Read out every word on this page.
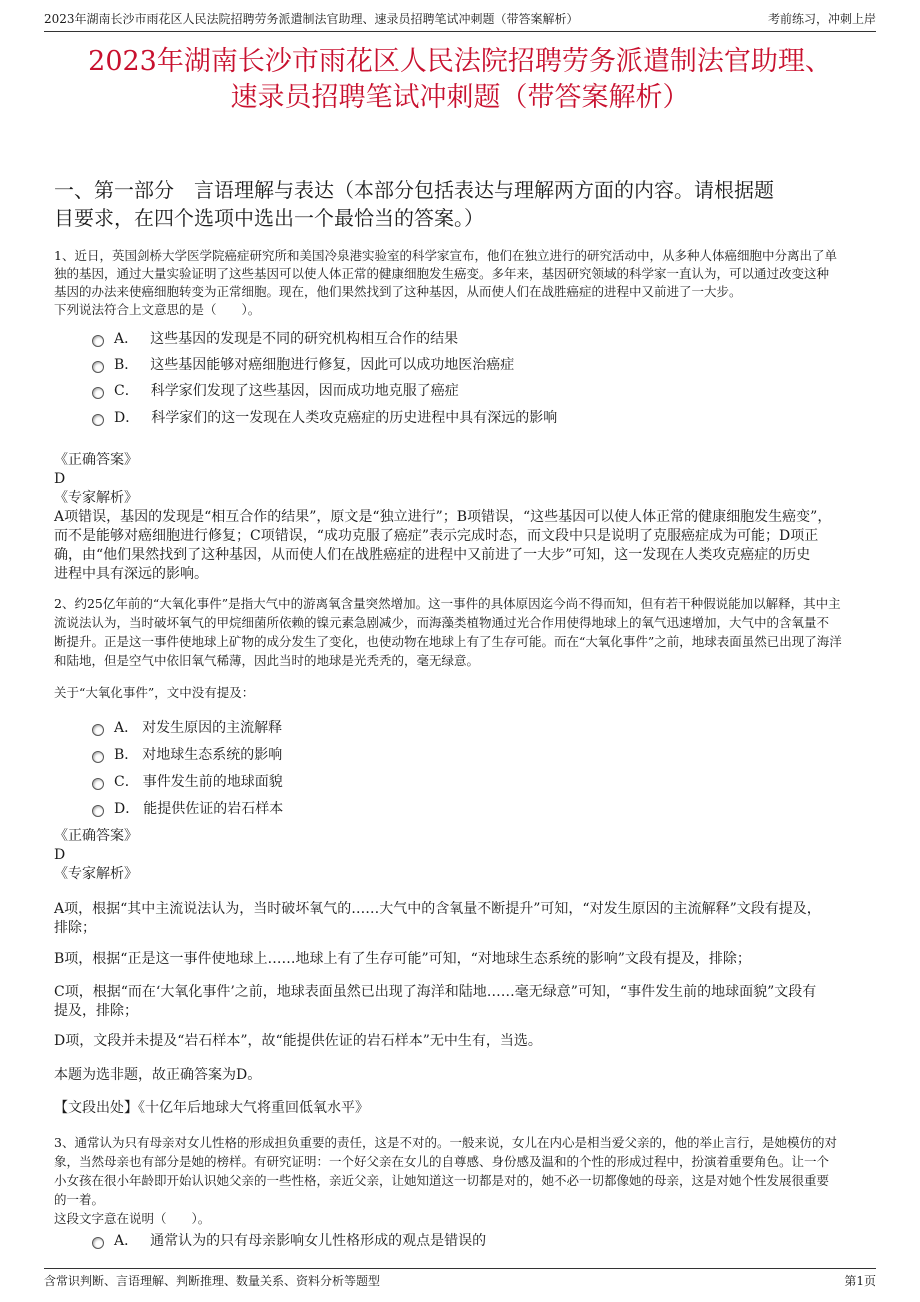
2023年湖南长沙市雨花区人民法院招聘劳务派遣制法官助理、速录员招聘笔试冲刺题（带答案解析）	考前练习，冲刺上岸
2023年湖南长沙市雨花区人民法院招聘劳务派遣制法官助理、
速录员招聘笔试冲刺题（带答案解析）
一、第一部分　言语理解与表达（本部分包括表达与理解两方面的内容。请根据题
目要求，在四个选项中选出一个最恰当的答案。）
1、近日，英国剑桥大学医学院癌症研究所和美国冷泉港实验室的科学家宣布，他们在独立进行的研究活动中，从多种人体癌细胞中分离出了单
独的基因，通过大量实验证明了这些基因可以使人体正常的健康细胞发生癌变。多年来，基因研究领域的科学家一直认为，可以通过改变这种
基因的办法来使癌细胞转变为正常细胞。现在，他们果然找到了这种基因，从而使人们在战胜癌症的进程中又前进了一大步。
下列说法符合上文意思的是（　　）。
A． 这些基因的发现是不同的研究机构相互合作的结果
B． 这些基因能够对癌细胞进行修复，因此可以成功地医治癌症
C． 科学家们发现了这些基因，因而成功地克服了癌症
D． 科学家们的这一发现在人类攻克癌症的历史进程中具有深远的影响
《正确答案》
D
《专家解析》
A项错误，基因的发现是“相互合作的结果”，原文是“独立进行”；B项错误，“这些基因可以使人体正常的健康细胞发生癌变”，
而不是能够对癌细胞进行修复；C项错误，“成功克服了癌症”表示完成时态，而文段中只是说明了克服癌症成为可能；D项正
确，由“他们果然找到了这种基因，从而使人们在战胜癌症的进程中又前进了一大步”可知，这一发现在人类攻克癌症的历史
进程中具有深远的影响。
2、约25亿年前的“大氧化事件”是指大气中的游离氧含量突然增加。这一事件的具体原因迄今尚不得而知，但有若干种假说能加以解释，其中主
流说法认为，当时破坏氧气的甲烷细菌所依赖的镍元素急剧减少，而海藻类植物通过光合作用使得地球上的氧气迅速增加，大气中的含氧量不
断提升。正是这一事件使地球上矿物的成分发生了变化，也使动物在地球上有了生存可能。而在“大氧化事件”之前，地球表面虽然已出现了海洋
和陆地，但是空气中依旧氧气稀薄，因此当时的地球是光秃秃的，毫无绿意。
关于“大氧化事件”，文中没有提及：
A． 对发生原因的主流解释
B． 对地球生态系统的影响
C． 事件发生前的地球面貌
D． 能提供佐证的岩石样本
《正确答案》
D
《专家解析》
A项，根据“其中主流说法认为，当时破坏氧气的……大气中的含氧量不断提升”可知，“对发生原因的主流解释”文段有提及，
排除；
B项，根据“正是这一事件使地球上……地球上有了生存可能”可知，“对地球生态系统的影响”文段有提及，排除；
C项，根据“而在‘大氧化事件’之前，地球表面虽然已出现了海洋和陆地……毫无绿意”可知，“事件发生前的地球面貌”文段有
提及，排除；
D项，文段并未提及“岩石样本”，故“能提供佐证的岩石样本”无中生有，当选。
本题为选非题，故正确答案为D。
【文段出处】《十亿年后地球大气将重回低氧水平》
3、通常认为只有母亲对女儿性格的形成担负重要的责任，这是不对的。一般来说，女儿在内心是相当爱父亲的，他的举止言行，是她模仿的对
象，当然母亲也有部分是她的榜样。有研究证明：一个好父亲在女儿的自尊感、身份感及温和的个性的形成过程中，扮演着重要角色。让一个
小女孩在很小年龄即开始认识她父亲的一些性格，亲近父亲，让她知道这一切都是对的，她不必一切都像她的母亲，这是对她个性发展很重要
的一着。
这段文字意在说明（　　）。
A． 通常认为的只有母亲影响女儿性格形成的观点是错误的
含常识判断、言语理解、判断推理、数量关系、资料分析等题型	第1页
